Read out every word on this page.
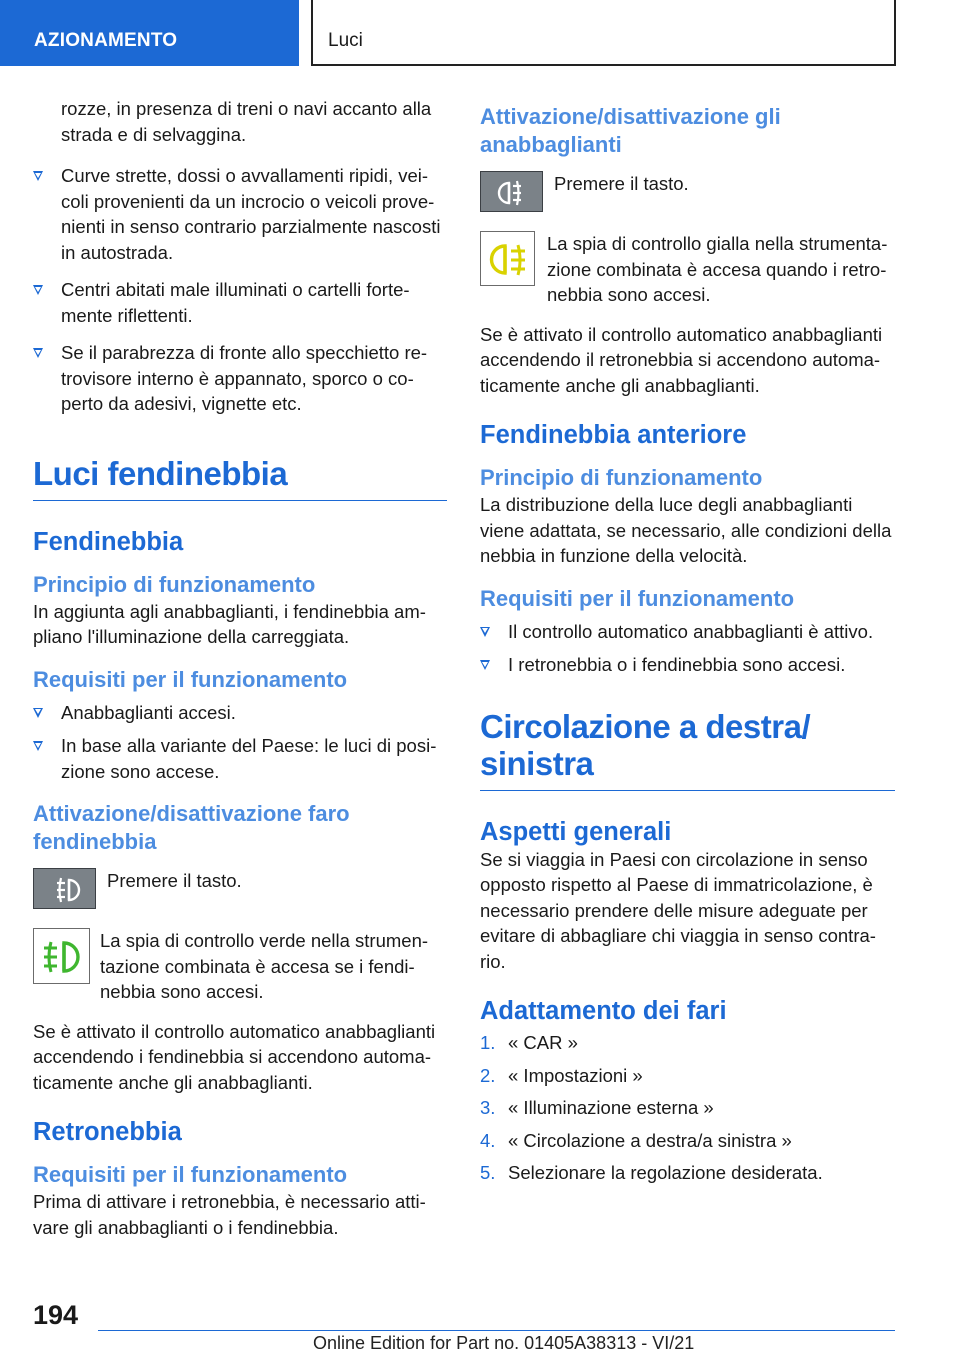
AZIONAMENTO	Luci

rozze, in presenza di treni o navi accanto alla strada e di selvaggina.

Curve strette, dossi o avvallamenti ripidi, veicoli provenienti da un incrocio o veicoli provenienti in senso contrario parzialmente nascosti in autostrada.
Centri abitati male illuminati o cartelli fortemente riflettenti.
Se il parabrezza di fronte allo specchietto retrovisore interno è appannato, sporco o coperto da adesivi, vignette etc.
Luci fendinebbia
Fendinebbia
Principio di funzionamento

In aggiunta agli anabbaglianti, i fendinebbia ampliano l'illuminazione della carreggiata.

Requisiti per il funzionamento
Anabbaglianti accesi.
In base alla variante del Paese: le luci di posizione sono accese.
Attivazione/disattivazione faro fendinebbia

Premere il tasto.

La spia di controllo verde nella strumentazione combinata è accesa se i fendinebbia sono accesi.

Se è attivato il controllo automatico anabbaglianti accendendo i fendinebbia si accendono automaticamente anche gli anabbaglianti.

Retronebbia
Requisiti per il funzionamento

Prima di attivare i retronebbia, è necessario attivare gli anabbaglianti o i fendinebbia.

Attivazione/disattivazione gli anabbaglianti

Premere il tasto.

La spia di controllo gialla nella strumentazione combinata è accesa quando i retronebbia sono accesi.

Se è attivato il controllo automatico anabbaglianti accendendo il retronebbia si accendono automaticamente anche gli anabbaglianti.

Fendinebbia anteriore
Principio di funzionamento

La distribuzione della luce degli anabbaglianti viene adattata, se necessario, alle condizioni della nebbia in funzione della velocità.

Requisiti per il funzionamento
Il controllo automatico anabbaglianti è attivo.
I retronebbia o i fendinebbia sono accesi.
Circolazione a destra/ sinistra
Aspetti generali

Se si viaggia in Paesi con circolazione in senso opposto rispetto al Paese di immatricolazione, è necessario prendere delle misure adeguate per evitare di abbagliare chi viaggia in senso contrario.

Adattamento dei fari
1. « CAR »
2. « Impostazioni »
3. « Illuminazione esterna »
4. « Circolazione a destra/a sinistra »
5. Selezionare la regolazione desiderata.
194
Online Edition for Part no. 01405A38313 - VI/21
